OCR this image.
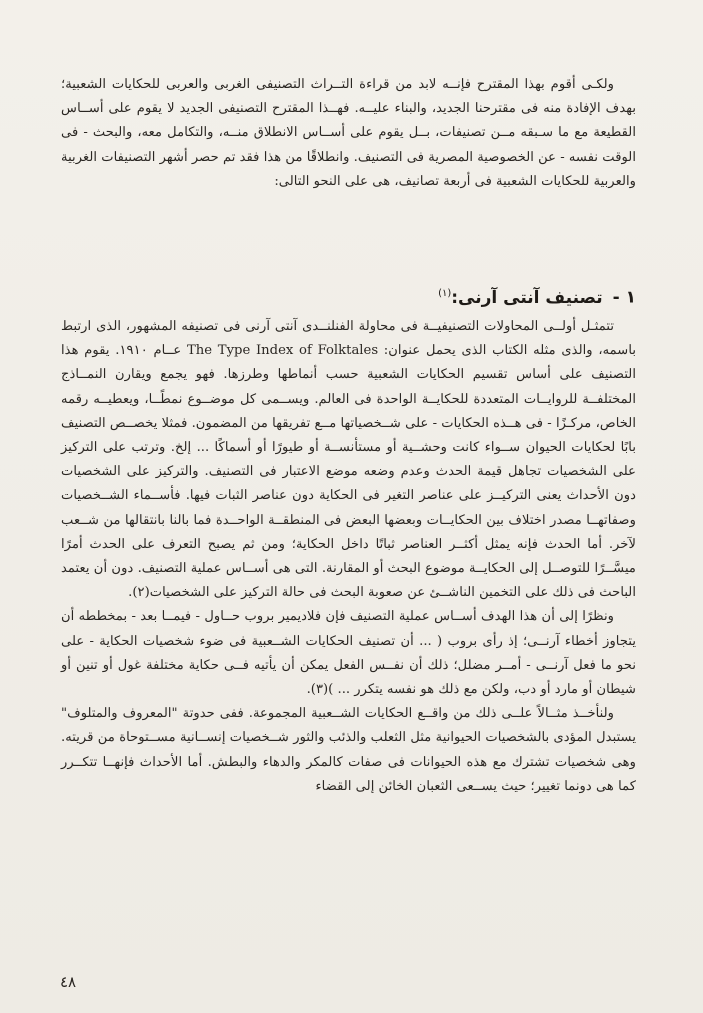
ولكـى أقوم بهذا المقترح فإنــه لابد من قراءة التــراث التصنيفى الغربى والعربى للحكايات الشعبية؛ بهدف الإفادة منه فى مقترحنا الجديد، والبناء عليــه. فهــذا المقترح التصنيفى الجديد لا يقوم على أســاس القطيعة مع ما سـبقه مــن تصنيفات، بــل يقوم على أســاس الانطلاق منــه، والتكامل معه، والبحث - فى الوقت نفسه - عن الخصوصية المصرية فى التصنيف. وانطلاقًا من هذا فقد تم حصر أشهر التصنيفات الغربية والعربية للحكايات الشعبية فى أربعة تصانيف، هى على النحو التالى:

١ - تصنيف آنتى آرنى:$^{(١)}$

تتمثـل أولــى المحاولات التصنيفيــة فى محاولة الفنلنــدى آنتى آرنى فى تصنيفه المشهور، الذى ارتبط باسمه، والذى مثله الكتاب الذى يحمل عنوان: The Type Index of Folktales عــام ١٩١٠. يقوم هذا التصنيف على أساس تقسيم الحكايات الشعبية حسب أنماطها وطرزها. فهو يجمع ويقارن النمــاذج المختلفــة للروايــات المتعددة للحكايــة الواحدة فى العالم. ويســمى كل موضــوع نمطًــا، ويعطيــه رقمه الخاص، مركـزًا - فى هــذه الحكايات - على شــخصياتها مــع تفريقها من المضمون. فمثلا يخصــص التصنيف بابًا لحكايات الحيوان ســواء كانت وحشــية أو مستأنســة أو طيورًا أو أسماكًا ... إلخ. وترتب على التركيز على الشخصيات تجاهل قيمة الحدث وعدم وضعه موضع الاعتبار فى التصنيف. والتركيز على الشخصيات دون الأحداث يعنى التركيــز على عناصر التغير فى الحكاية دون عناصر الثبات فيها. فأســماء الشــخصيات وصفاتهــا مصدر اختلاف بين الحكايــات وبعضها البعض فى المنطقــة الواحــدة فما بالنا بانتقالها من شــعب لآخر. أما الحدث فإنه يمثل أكثــر العناصر ثباتًا داخل الحكاية؛ ومن ثم يصبح التعرف على الحدث أمرًا ميسَّــرًا للتوصــل إلى الحكايــة موضوع البحث أو المقارنة. التى هى أســاس عملية التصنيف. دون أن يعتمد الباحث فى ذلك على التخمين الناشــئ عن صعوبة البحث فى حالة التركيز على الشخصيات(٢).

ونظرًا إلى أن هذا الهدف أســاس عملية التصنيف فإن فلاديمير بروب حــاول - فيمــا بعد - بمخططه أن يتجاوز أخطاء آرنــى؛ إذ رأى بروب ( ... أن تصنيف الحكايات الشــعبية فى ضوء شخصيات الحكاية - على نحو ما فعل آرنــى - أمــر مضلل؛ ذلك أن نفــس الفعل يمكن أن يأتيه فــى حكاية مختلفة غول أو تنين أو شيطان أو مارد أو دب، ولكن مع ذلك هو نفسه يتكرر ... )(٣).

ولنأخــذ مثــالاً علــى ذلك من واقــع الحكايات الشــعبية المجموعة. ففى حدوتة "المعروف والمتلوف" يستبدل المؤدى بالشخصيات الحيوانية مثل الثعلب والذئب والثور شــخصيات إنســانية مســتوحاة من قريته. وهى شخصيات تشترك مع هذه الحيوانات فى صفات كالمكر والدهاء والبطش. أما الأحداث فإنهــا تتكــرر كما هى دونما تغيير؛ حيث يســعى الثعبان الخائن إلى القضاء

٤٨
